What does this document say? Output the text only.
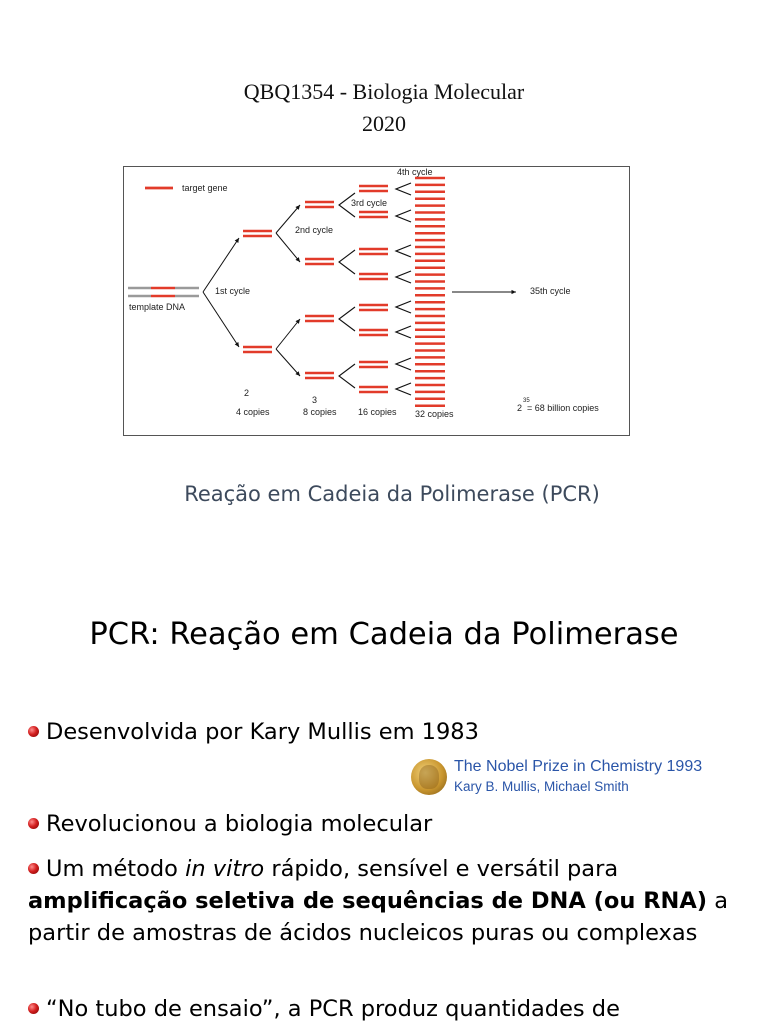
QBQ1354 - Biologia Molecular
2020
target gene
template DNA
1st cycle
2nd cycle
3rd cycle
4th cycle
35th cycle
2
4 copies
3
8 copies 16 copies 32 copies
2
35
= 68 billion copies
Reação em Cadeia da Polimerase (PCR)
PCR: Reação em Cadeia da Polimerase
Desenvolvida por Kary Mullis em 1983
The Nobel Prize in Chemistry 1993
Kary B. Mullis, Michael Smith
Revolucionou a biologia molecular
Um método in vitro rápido, sensível e versátil para
amplificação seletiva de sequências de DNA (ou RNA) a partir de amostras de ácidos nucleicos puras ou complexas
“No tubo de ensaio”, a PCR produz quantidades de
